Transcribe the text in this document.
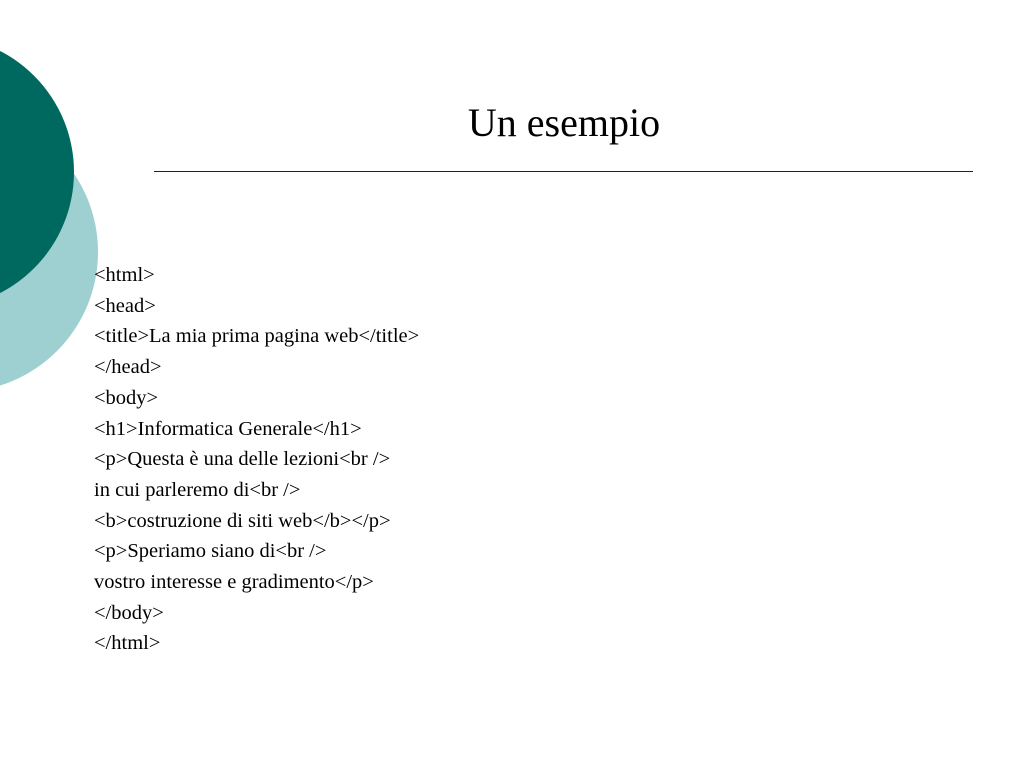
Un esempio

<html>

<head>

<title>La mia prima pagina web</title>

</head>

<body>

<h1>Informatica Generale</h1>

<p>Questa è una delle lezioni<br />

in cui parleremo di<br />

<b>costruzione di siti web</b></p>

<p>Speriamo siano di<br />

vostro interesse e gradimento</p>

</body>

</html>
